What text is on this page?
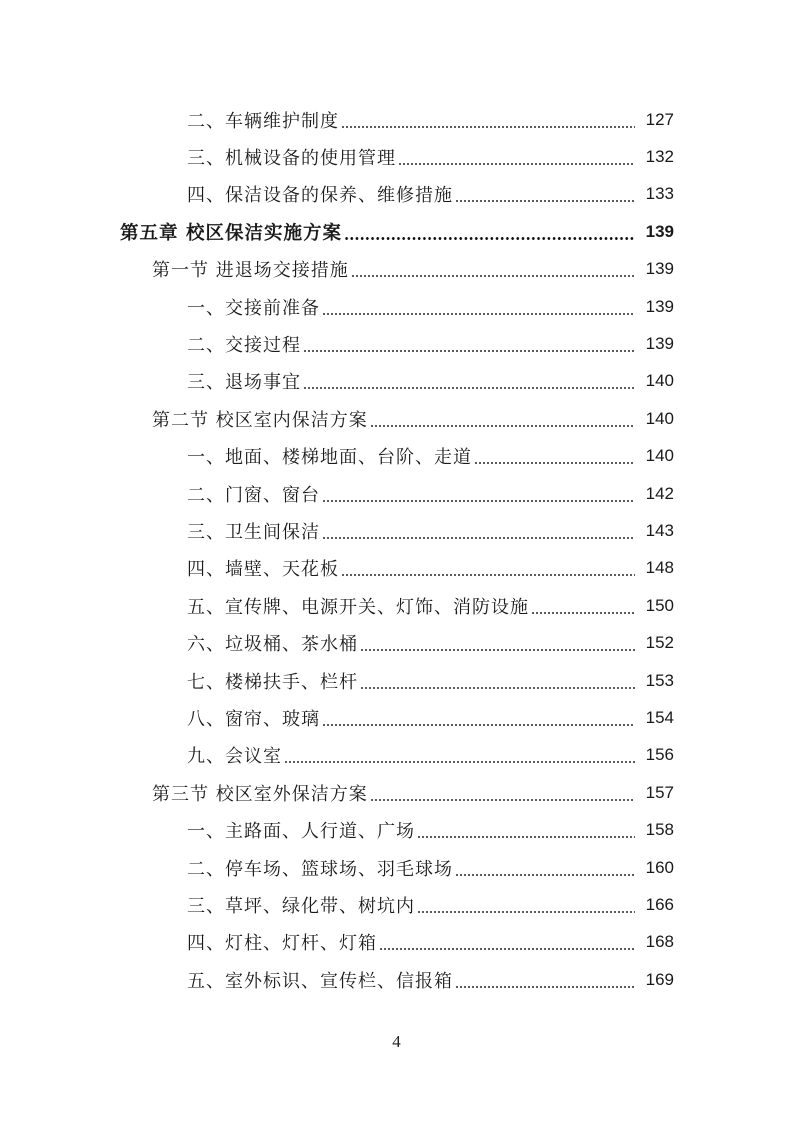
二、车辆维护制度	127
三、机械设备的使用管理	132
四、保洁设备的保养、维修措施	133
第五章 校区保洁实施方案	139
第一节 进退场交接措施	139
一、交接前准备	139
二、交接过程	139
三、退场事宜	140
第二节 校区室内保洁方案	140
一、地面、楼梯地面、台阶、走道	140
二、门窗、窗台	142
三、卫生间保洁	143
四、墙壁、天花板	148
五、宣传牌、电源开关、灯饰、消防设施	150
六、垃圾桶、茶水桶	152
七、楼梯扶手、栏杆	153
八、窗帘、玻璃	154
九、会议室	156
第三节 校区室外保洁方案	157
一、主路面、人行道、广场	158
二、停车场、篮球场、羽毛球场	160
三、草坪、绿化带、树坑内	166
四、灯柱、灯杆、灯箱	168
五、室外标识、宣传栏、信报箱	169
4
